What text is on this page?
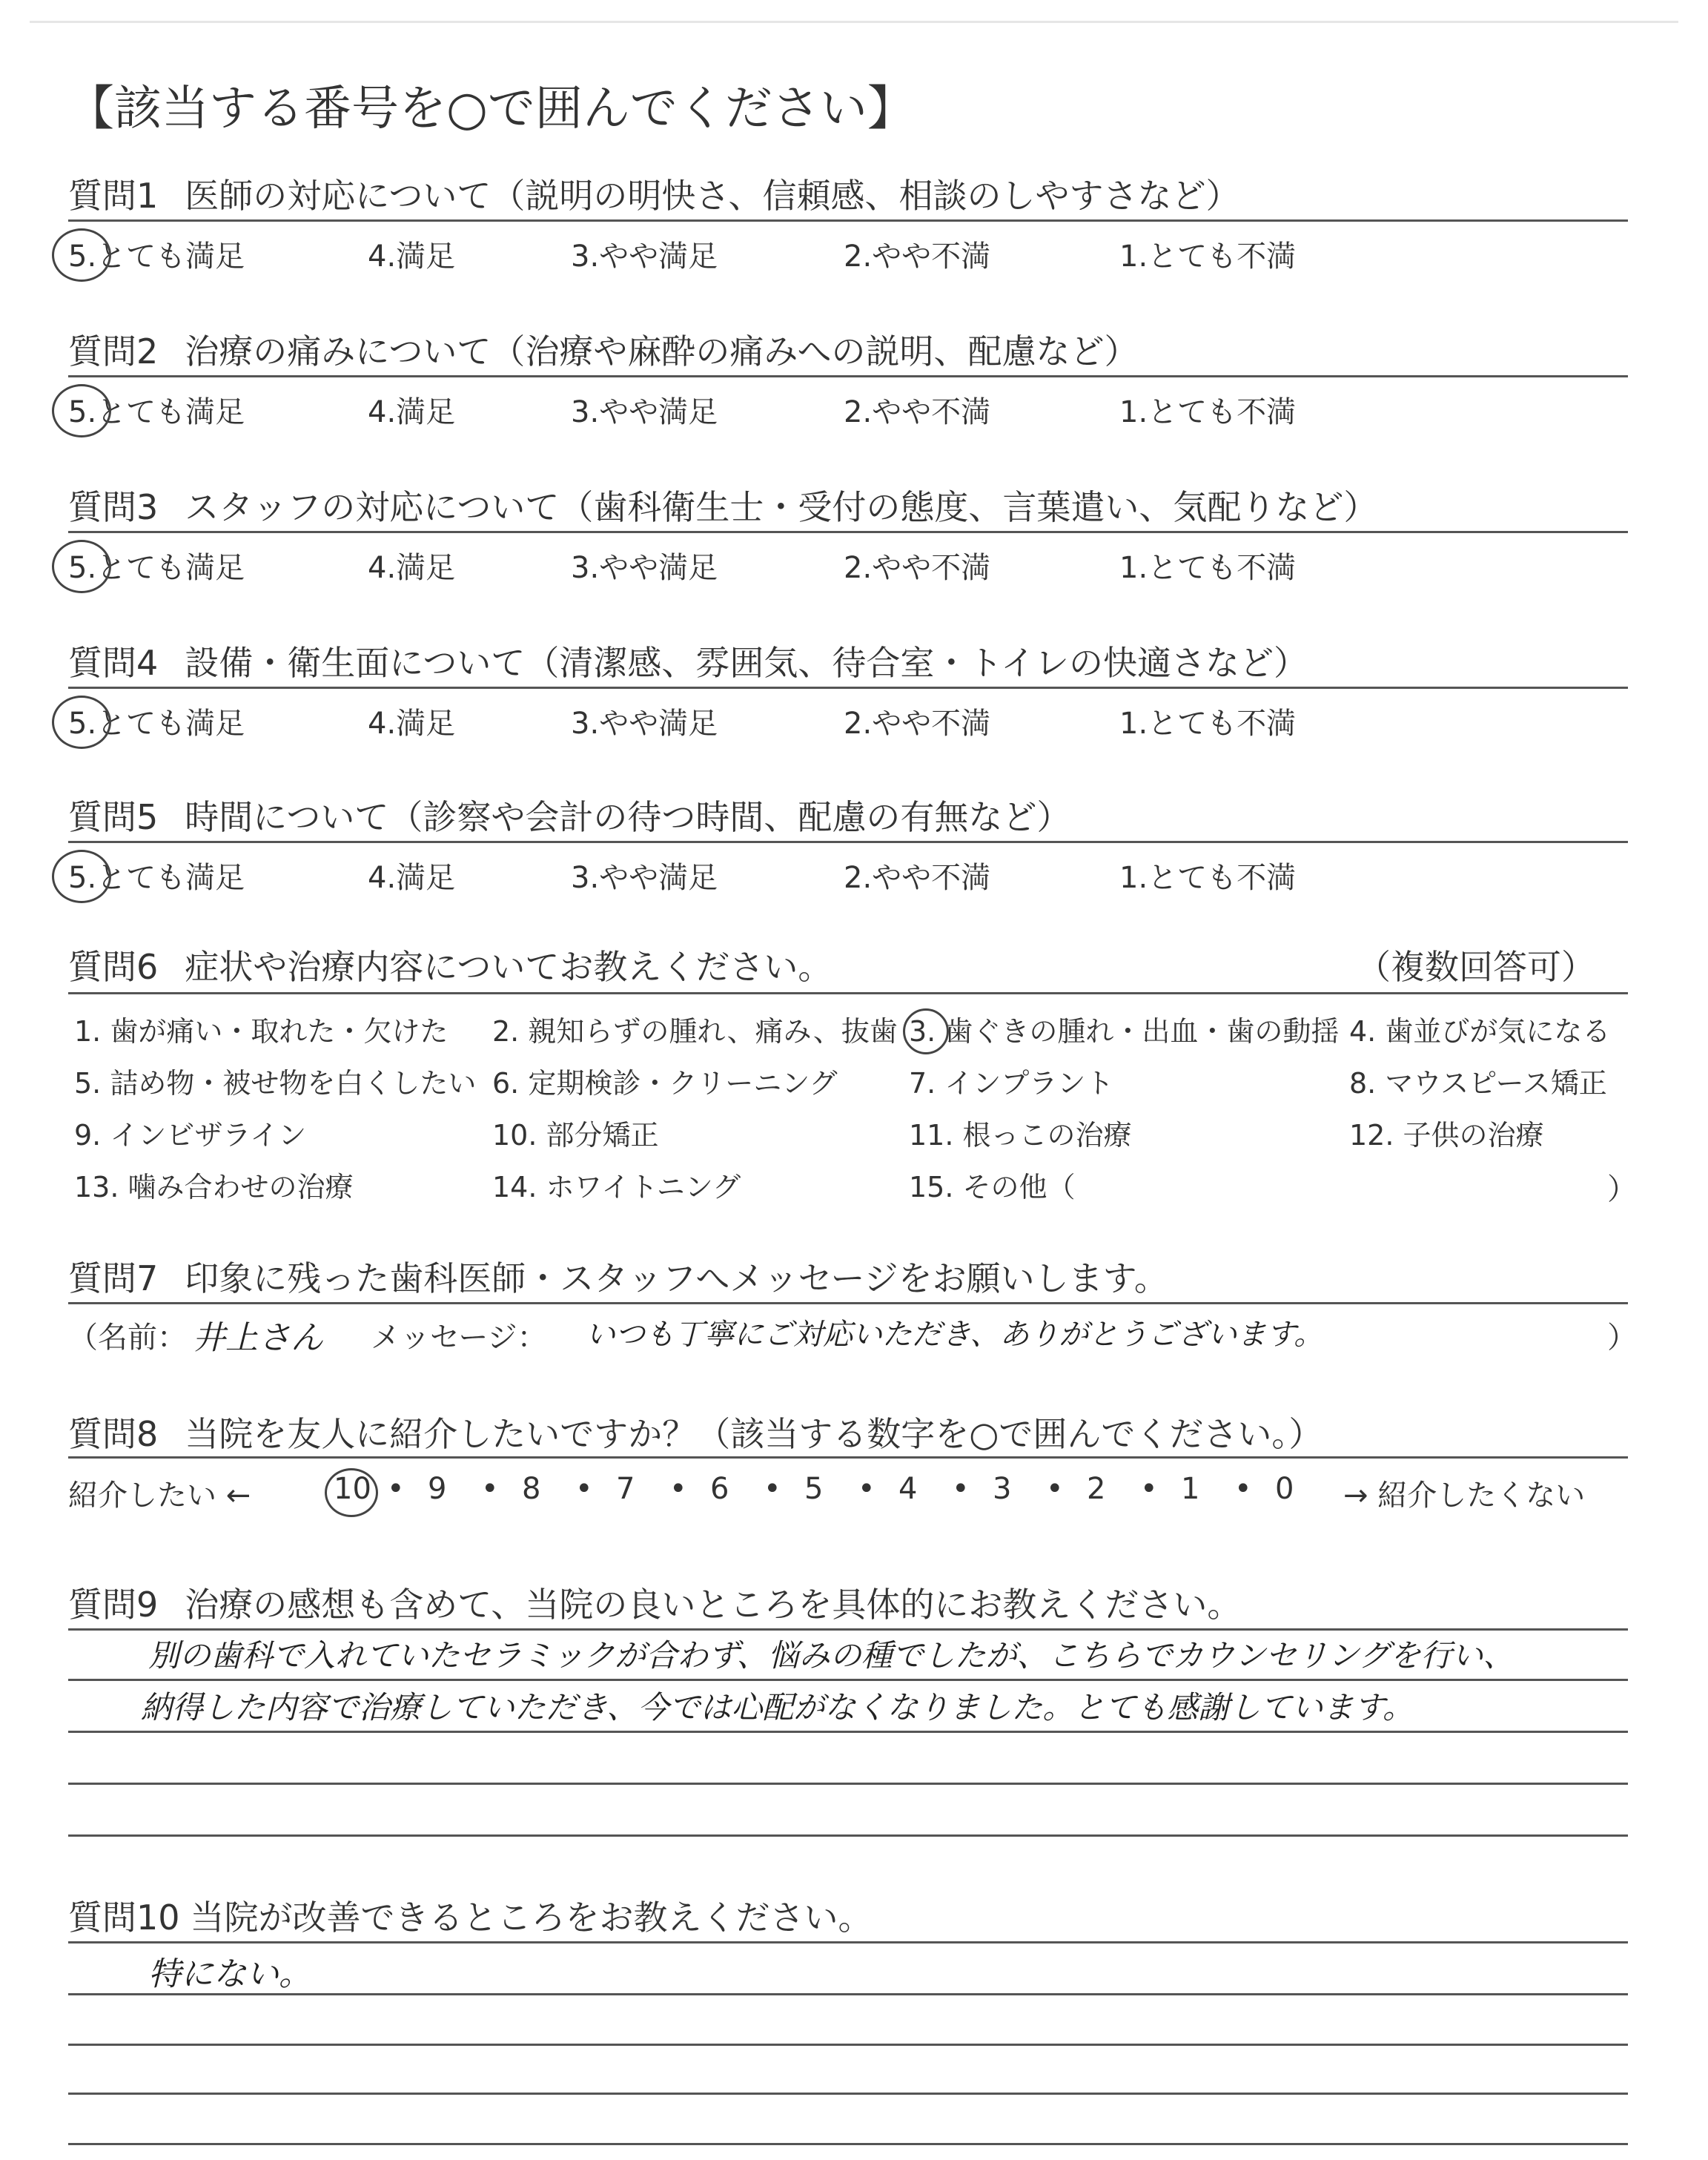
【該当する番号を○で囲んでください】
質問1 医師の対応について（説明の明快さ、信頼感、相談のしやすさなど）
5.とても満足	4.満足	3.やや満足	2.やや不満	1.とても不満
質問2 治療の痛みについて（治療や麻酔の痛みへの説明、配慮など）
5.とても満足	4.満足	3.やや満足	2.やや不満	1.とても不満
質問3 スタッフの対応について（歯科衛生士・受付の態度、言葉遣い、気配りなど）
5.とても満足	4.満足	3.やや満足	2.やや不満	1.とても不満
質問4 設備・衛生面について（清潔感、雰囲気、待合室・トイレの快適さなど）
5.とても満足	4.満足	3.やや満足	2.やや不満	1.とても不満
質問5 時間について（診察や会計の待つ時間、配慮の有無など）
5.とても満足	4.満足	3.やや満足	2.やや不満	1.とても不満
質問6 症状や治療内容についてお教えください。	（複数回答可）
1. 歯が痛い・取れた・欠けた 2. 親知らずの腫れ、痛み、抜歯 3. 歯ぐきの腫れ・出血・歯の動揺 4. 歯並びが気になる
5. 詰め物・被せ物を白くしたい 6. 定期検診・クリーニング	7. インプラント	8. マウスピース矯正
9. インビザライン	10. 部分矯正	11. 根っこの治療	12. 子供の治療
13. 噛み合わせの治療	14. ホワイトニング	15. その他（	）
質問7 印象に残った歯科医師・スタッフへメッセージをお願いします。
（名前： 井上さん メッセージ： いつも丁寧にご対応いただき、ありがとうございます。	）
質問8 当院を友人に紹介したいですか？（該当する数字を○で囲んでください。）
紹介したい ←	10 • 9 • 8 • 7 • 6 • 5 • 4 • 3 • 2 • 1 • 0 → 紹介したくない
質問9 治療の感想も含めて、当院の良いところを具体的にお教えください。
別の歯科で入れていたセラミックが合わず、悩みの種でしたが、こちらでカウンセリングを行い、
納得した内容で治療していただき、今では心配がなくなりました。とても感謝しています。
質問10 当院が改善できるところをお教えください。
特にない。
